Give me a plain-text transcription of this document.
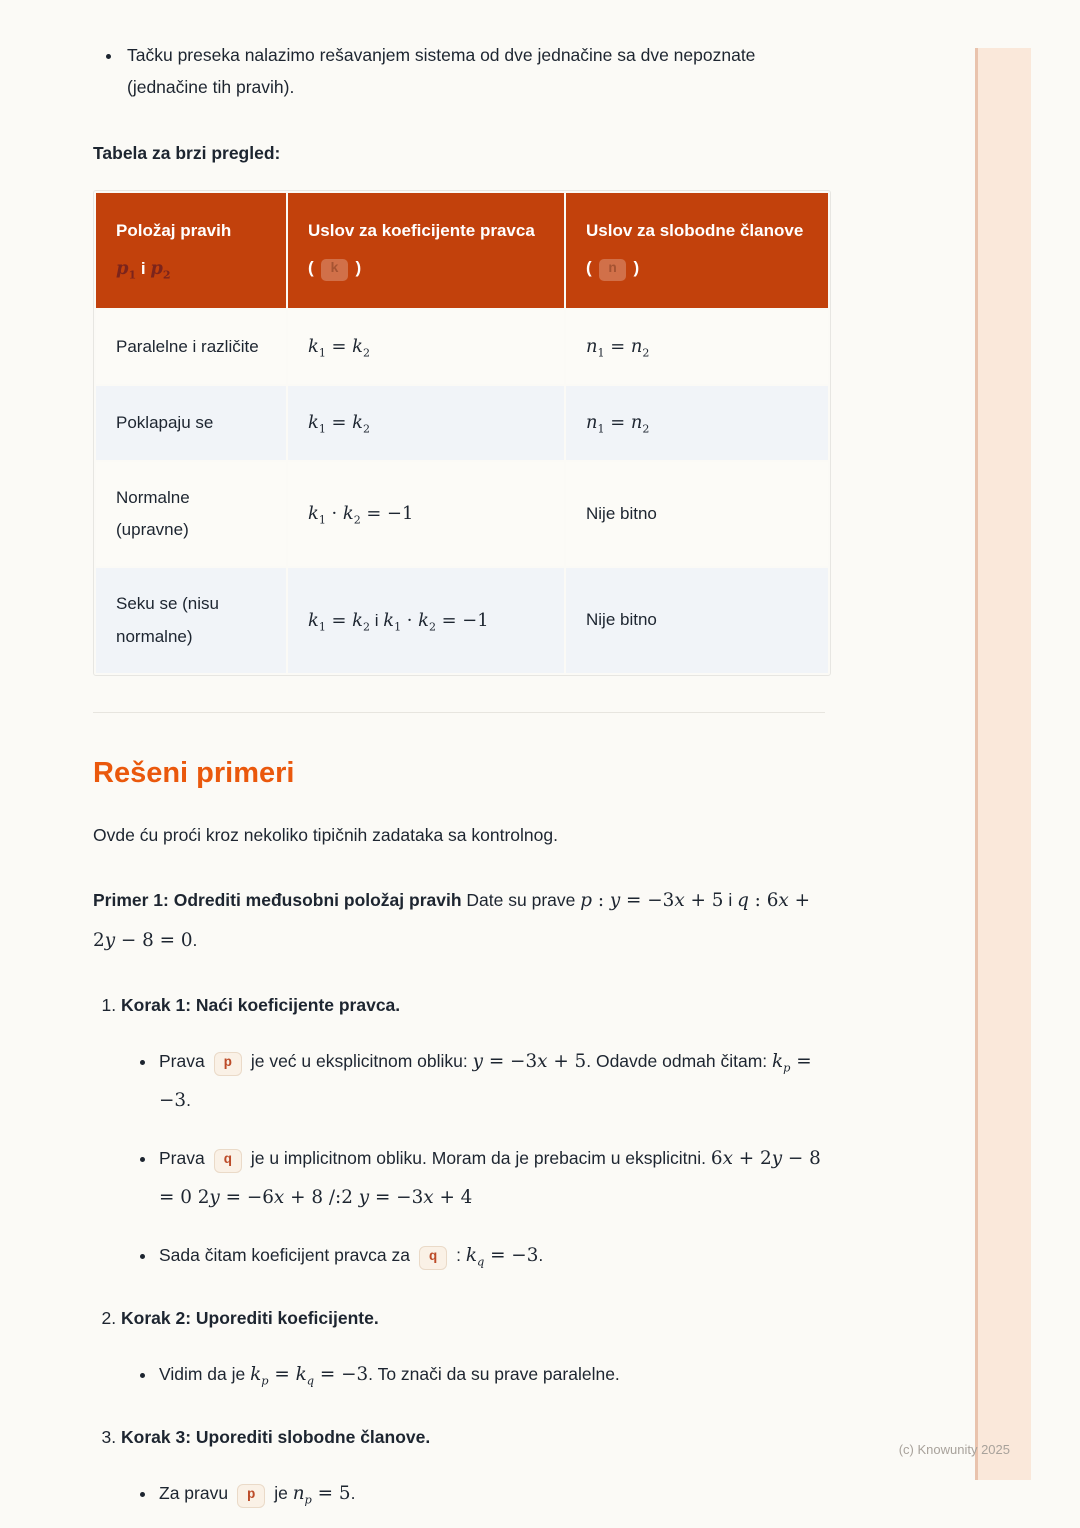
• Tačku preseka nalazimo rešavanjem sistema od dve jednačine sa dve nepoznate (jednačine tih pravih).

Tabela za brzi pregled:

Položaj pravih
$p_1$ i $p_2$	Uslov za koeficijente pravca ( k )	Uslov za slobodne članove ( n )
Paralelne i različite	$k_1 = k_2$	$n_1 = n_2$
Poklapaju se	$k_1 = k_2$	$n_1 = n_2$
Normalne (upravne)	$k_1 \cdot k_2 = -1$	Nije bitno
Seku se (nisu normalne)	$k_1 = k_2$ i $k_1 \cdot k_2 = -1$	Nije bitno
Rešeni primeri

Ovde ću proći kroz nekoliko tipičnih zadataka sa kontrolnog.

Primer 1: Odrediti međusobni položaj pravih Date su prave p : y = −3x + 5 i q : 6x + 2y − 8 = 0.

1. Korak 1: Naći koeficijente pravca.

• Prava p je već u eksplicitnom obliku: y = −3x + 5. Odavde odmah čitam: $k_p = -3$.
• Prava q je u implicitnom obliku. Moram da je prebacim u eksplicitni. 6x + 2y − 8 = 0 2y = −6x + 8 /:2 y = −3x + 4
• Sada čitam koeficijent pravca za q : $k_q = -3$.

2. Korak 2: Uporediti koeficijente.

• Vidim da je $k_p = k_q = -3$. To znači da su prave paralelne.

3. Korak 3: Uporediti slobodne članove.

• Za pravu p je $n_p = 5$.
(c) Knowunity 2025
